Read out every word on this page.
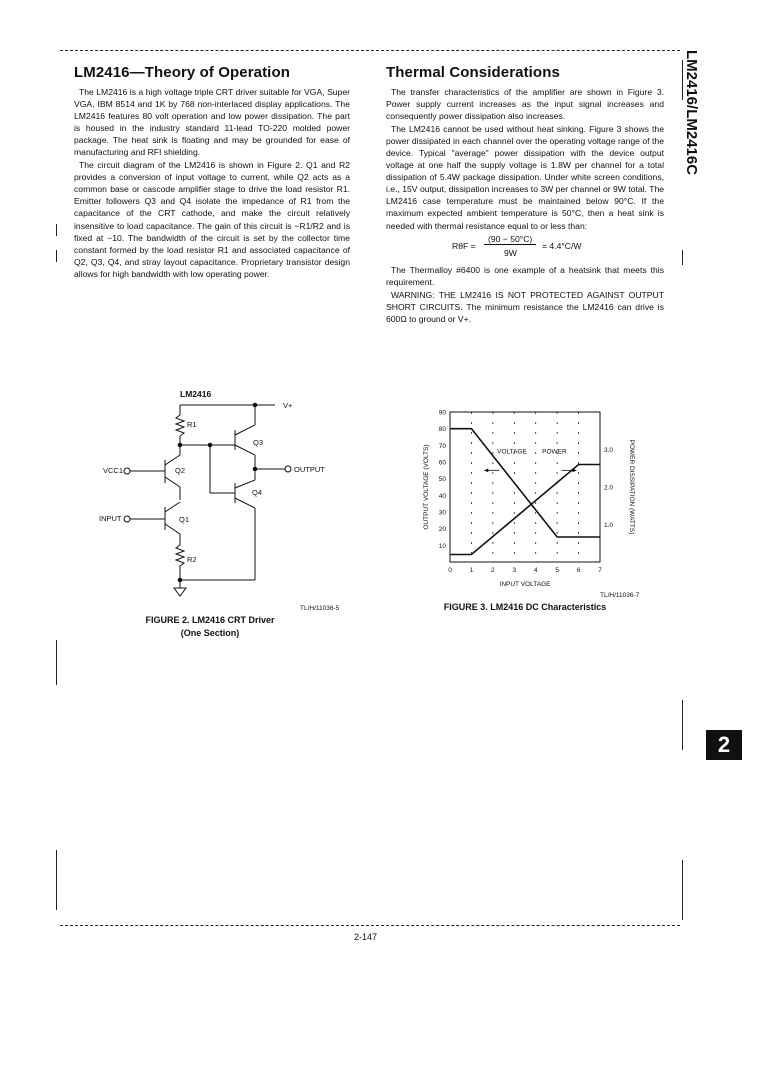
LM2416/LM2416C
2
LM2416—Theory of Operation

The LM2416 is a high voltage triple CRT driver suitable for VGA, Super VGA, IBM 8514 and 1K by 768 non-interlaced display applications. The LM2416 features 80 volt operation and low power dissipation. The part is housed in the industry standard 11-lead TO-220 molded power package. The heat sink is floating and may be grounded for ease of manufacturing and RFI shielding.

The circuit diagram of the LM2416 is shown in Figure 2. Q1 and R2 provides a conversion of input voltage to current, while Q2 acts as a common base or cascode amplifier stage to drive the load resistor R1. Emitter followers Q3 and Q4 isolate the impedance of R1 from the capacitance of the CRT cathode, and make the circuit relatively insensitive to load capacitance. The gain of this circuit is −R1/R2 and is fixed at −10. The bandwidth of the circuit is set by the collector time constant formed by the load resistor R1 and associated capacitance of Q2, Q3, Q4, and stray layout capacitance. Proprietary transistor design allows for high bandwidth with low operating power.

Thermal Considerations

The transfer characteristics of the amplifier are shown in Figure 3. Power supply current increases as the input signal increases and consequently power dissipation also increases.

The LM2416 cannot be used without heat sinking. Figure 3 shows the power dissipated in each channel over the operating voltage range of the device. Typical "average" power dissipation with the device output voltage at one half the supply voltage is 1.8W per channel for a total dissipation of 5.4W package dissipation. Under white screen conditions, i.e., 15V output, dissipation increases to 3W per channel or 9W total. The LM2416 case temperature must be maintained below 90°C. If the maximum expected ambient temperature is 50°C, then a heat sink is needed with thermal resistance equal to or less than:

RθF =
(90 − 50°C)
9W
= 4.4°C/W

The Thermalloy #6400 is one example of a heatsink that meets this requirement.

WARNING: THE LM2416 IS NOT PROTECTED AGAINST OUTPUT SHORT CIRCUITS. The minimum resistance the LM2416 can drive is 600Ω to ground or V+.

LM2416
V+
R1
Q3
Q2
Q4
VCC1	OUTPUT
INPUT	Q1
R2
TL/H/11036-5
FIGURE 2. LM2416 CRT Driver
(One Section)
0	1	2	3	4	5	6	7
10
20
30
40
50
60
70
80
90
1.0
2.0
3.0
INPUT VOLTAGE
OUTPUT VOLTAGE (VOLTS)	POWER DISSIPATION (WATTS)
VOLTAGE POWER
TL/H/11036-7
FIGURE 3. LM2416 DC Characteristics
2-147
